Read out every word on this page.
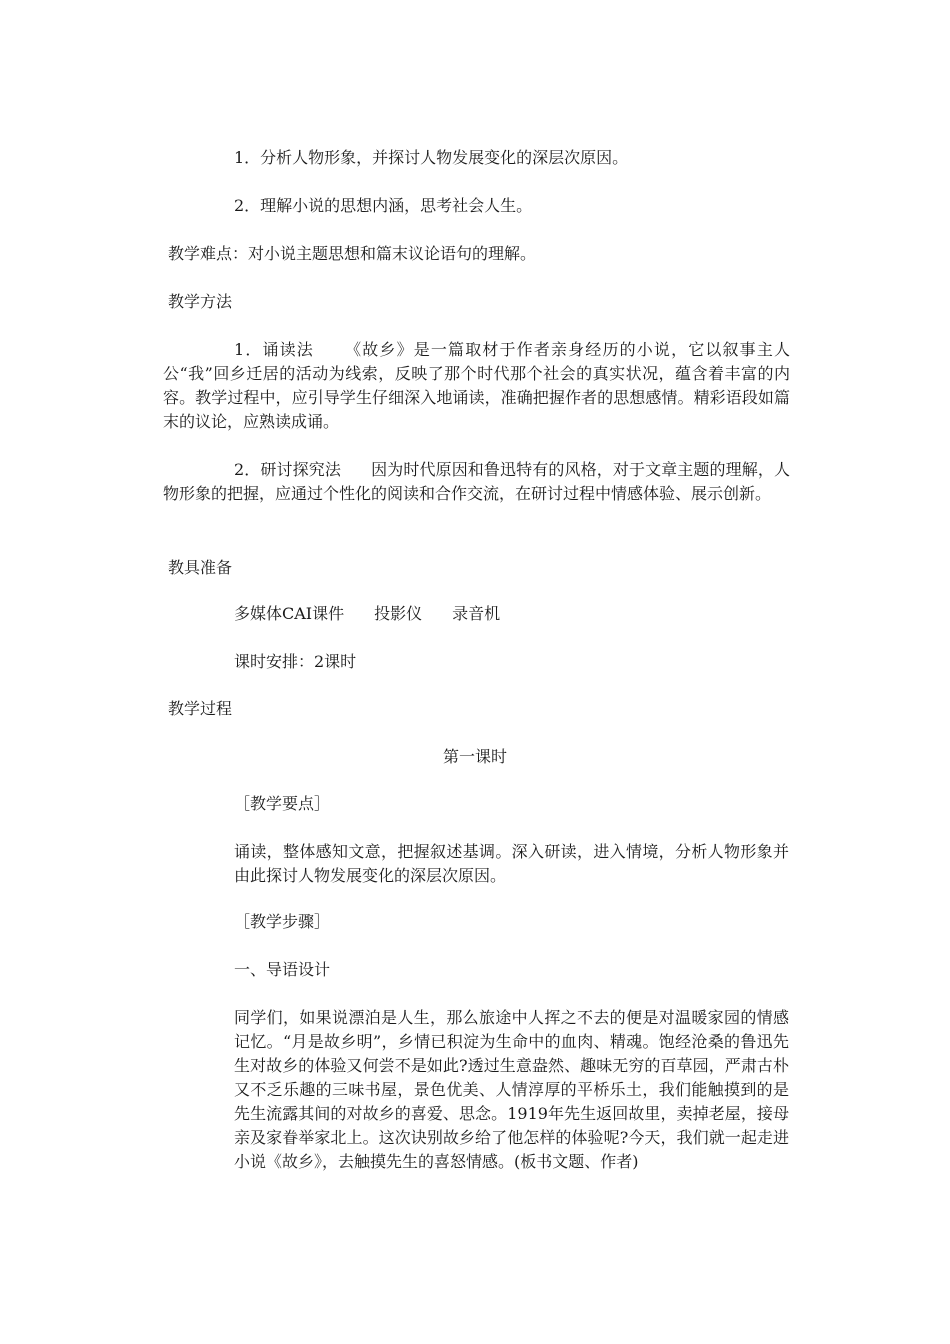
1．分析人物形象，并探讨人物发展变化的深层次原因。

2．理解小说的思想内涵，思考社会人生。

教学难点：对小说主题思想和篇末议论语句的理解。

教学方法

1．诵读法 《故乡》是一篇取材于作者亲身经历的小说，它以叙事主人公“我”回乡迁居的活动为线索，反映了那个时代那个社会的真实状况，蕴含着丰富的内容。教学过程中，应引导学生仔细深入地诵读，准确把握作者的思想感情。精彩语段如篇末的议论，应熟读成诵。

2．研讨探究法 因为时代原因和鲁迅特有的风格，对于文章主题的理解，人物形象的把握，应通过个性化的阅读和合作交流，在研讨过程中情感体验、展示创新。

教具准备

多媒体CAI课件 投影仪 录音机

课时安排：2课时

教学过程

第一课时

［教学要点］

诵读，整体感知文意，把握叙述基调。深入研读，进入情境，分析人物形象并由此探讨人物发展变化的深层次原因。

［教学步骤］

一、导语设计

同学们，如果说漂泊是人生，那么旅途中人挥之不去的便是对温暖家园的情感记忆。“月是故乡明”，乡情已积淀为生命中的血肉、精魂。饱经沧桑的鲁迅先生对故乡的体验又何尝不是如此?透过生意盎然、趣味无穷的百草园，严肃古朴又不乏乐趣的三味书屋，景色优美、人情淳厚的平桥乐土，我们能触摸到的是先生流露其间的对故乡的喜爱、思念。1919年先生返回故里，卖掉老屋，接母亲及家眷举家北上。这次诀别故乡给了他怎样的体验呢?今天，我们就一起走进小说《故乡》，去触摸先生的喜怒情感。(板书文题、作者)
